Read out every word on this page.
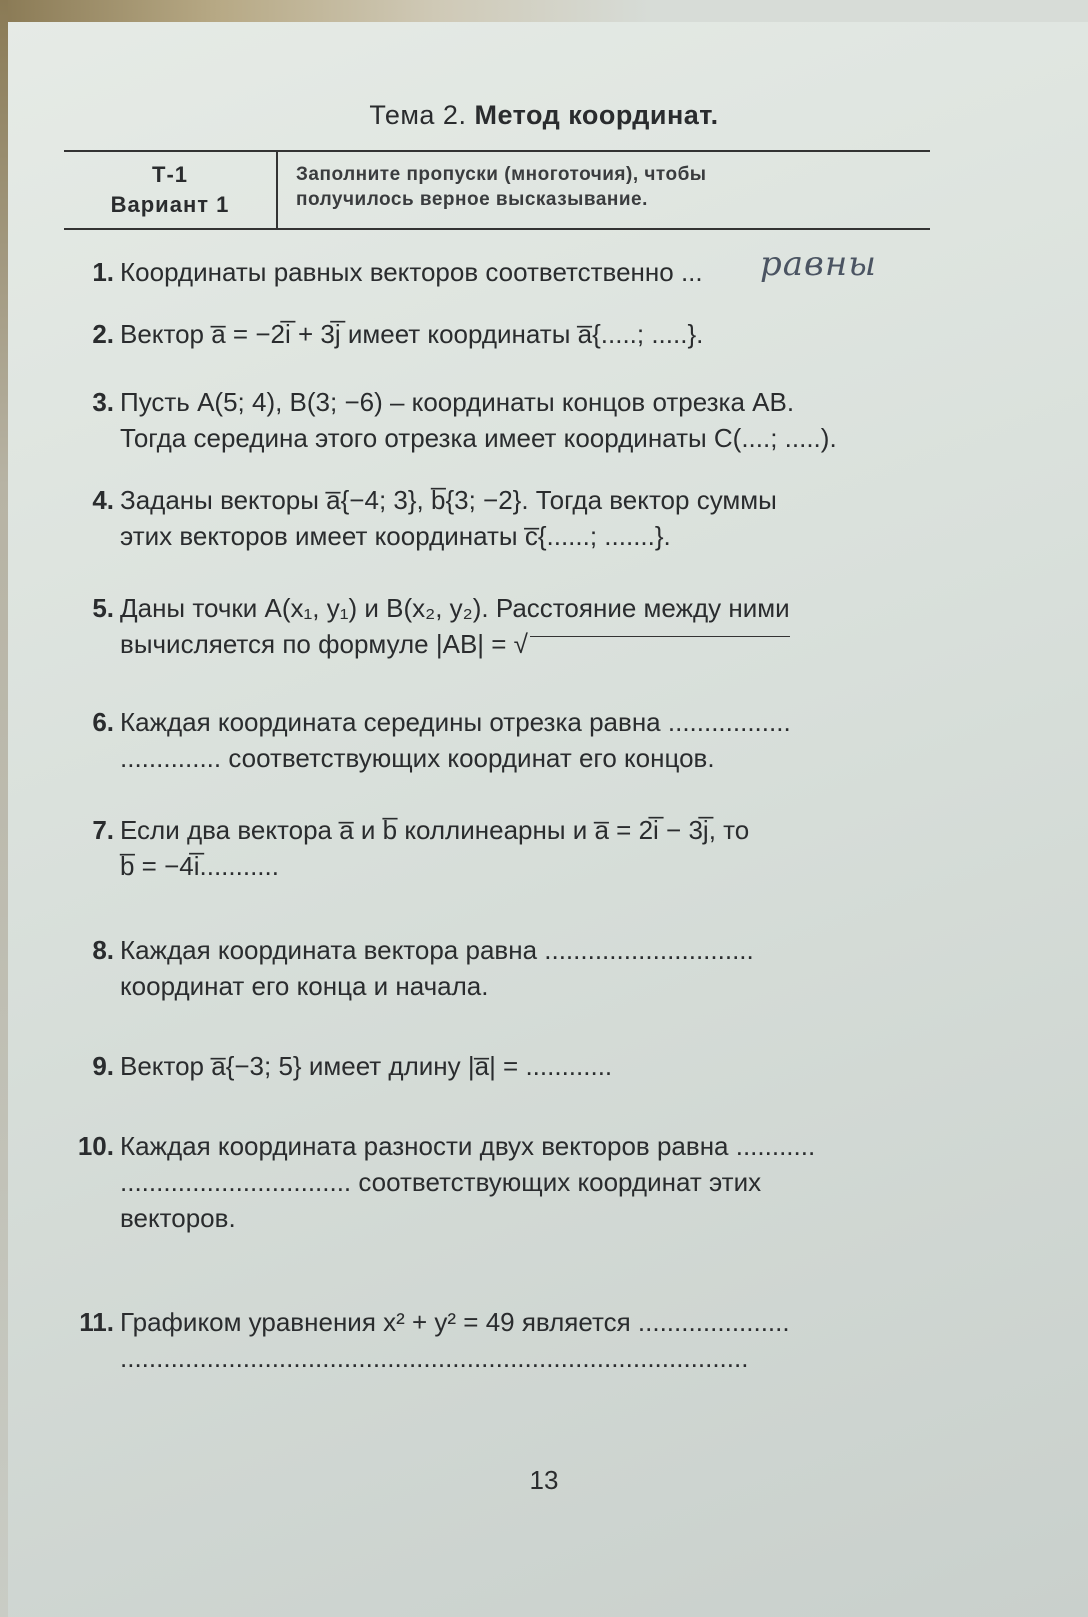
Тема 2. Метод координат.
Т-1
Вариант 1
Заполните пропуски (многоточия), чтобы
получилось верное высказывание.
равны
1. Координаты равных векторов соответственно ...
2. Вектор a̅ = −2i̅ + 3j̅ имеет координаты a̅{.....; .....}.
3. Пусть A(5; 4), B(3; −6) – координаты концов отрезка AB.
Тогда середина этого отрезка имеет координаты C(....; .....).
4. Заданы векторы a̅{−4; 3}, b̅{3; −2}. Тогда вектор суммы
этих векторов имеет координаты c̅{......; .......}.
5. Даны точки A(x₁, y₁) и B(x₂, y₂). Расстояние между ними
вычисляется по формуле |AB| = √
6. Каждая координата середины отрезка равна .................
.............. соответствующих координат его концов.
7. Если два вектора a̅ и b̅ коллинеарны и a̅ = 2i̅ − 3j̅, то
b̅ = −4i̅...........
8. Каждая координата вектора равна .............................
координат его конца и начала.
9. Вектор a̅{−3; 5} имеет длину |a̅| = ............
10. Каждая координата разности двух векторов равна ...........
................................ соответствующих координат этих
векторов.
11. Графиком уравнения x² + y² = 49 является .....................
.......................................................................................
13
